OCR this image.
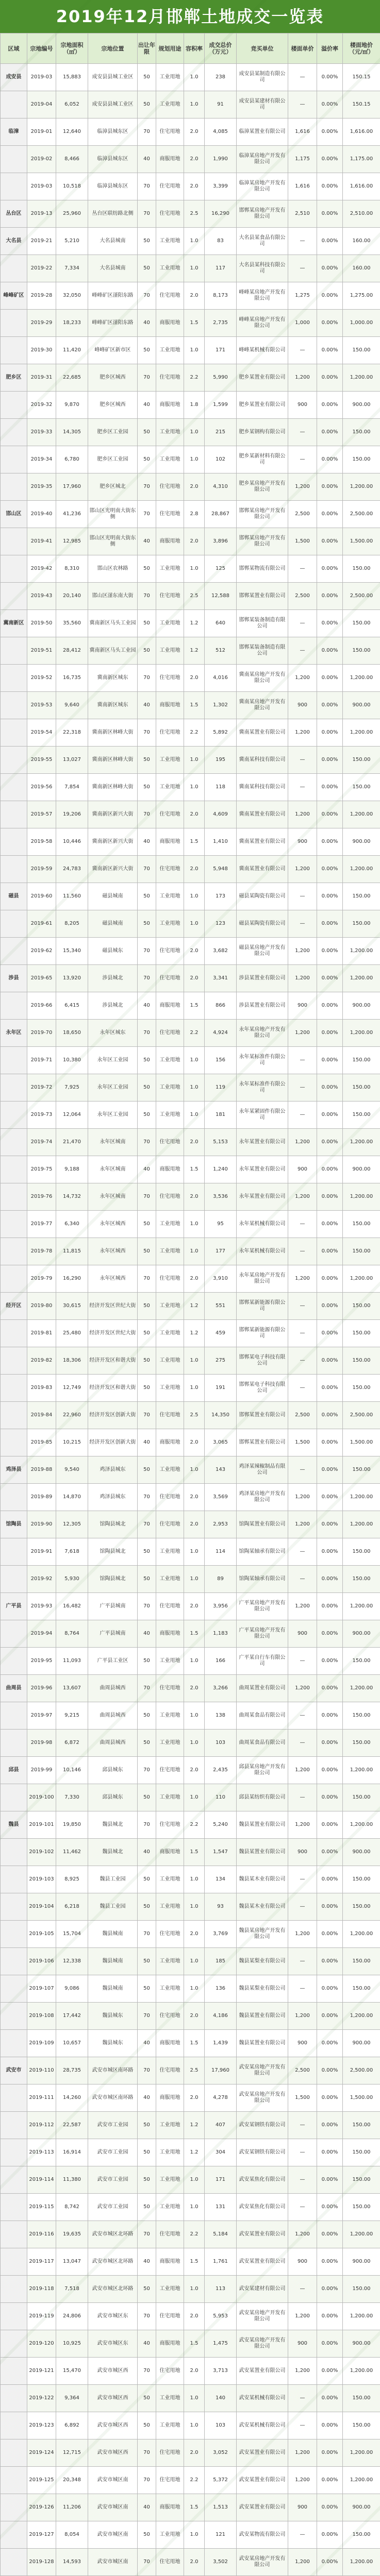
2019年12月邯郸土地成交一览表
区域	宗地编号	宗地面积（㎡）	宗地位置	出让年限	规划用途	容积率	成交总价（万元）	竞买单位	楼面单价	溢价率	楼面地价（元/㎡）
成安县	2019-03	15,883	成安县县城工业区	50	工业用地	1.0	238	成安县某制造有限公司	—	0.00%	150.15
	2019-04	6,052	成安县县城工业区	50	工业用地	1.0	91	成安县某建材有限公司	—	0.00%	150.15
临漳	2019-01	12,640	临漳县城东区	70	住宅用地	2.0	4,085	临漳某置业有限公司	1,616	0.00%	1,616.00
	2019-02	8,466	临漳县城东区	40	商服用地	2.0	1,990	临漳某房地产开发有限公司	1,175	0.00%	1,175.00
	2019-03	10,518	临漳县城东区	70	住宅用地	2.0	3,399	临漳某房地产开发有限公司	1,616	0.00%	1,616.00
丛台区	2019-13	25,960	丛台区联纺路北侧	70	住宅用地	2.5	16,290	邯郸某房地产开发有限公司	2,510	0.00%	2,510.00
大名县	2019-21	5,210	大名县城南	50	工业用地	1.0	83	大名县某食品有限公司	—	0.00%	160.00
	2019-22	7,334	大名县城南	50	工业用地	1.0	117	大名县某科技有限公司	—	0.00%	160.00
峰峰矿区	2019-28	32,050	峰峰矿区滏阳东路	70	住宅用地	2.0	8,173	峰峰某房地产开发有限公司	1,275	0.00%	1,275.00
	2019-29	18,233	峰峰矿区滏阳东路	40	商服用地	1.5	2,735	峰峰某房地产开发有限公司	1,000	0.00%	1,000.00
	2019-30	11,420	峰峰矿区新市区	50	工业用地	1.0	171	峰峰某机械有限公司	—	0.00%	150.00
肥乡区	2019-31	22,685	肥乡区城西	70	住宅用地	2.2	5,990	肥乡某置业有限公司	1,200	0.00%	1,200.00
	2019-32	9,870	肥乡区城西	40	商服用地	1.8	1,599	肥乡某置业有限公司	900	0.00%	900.00
	2019-33	14,305	肥乡区工业园	50	工业用地	1.0	215	肥乡某钢构有限公司	—	0.00%	150.00
	2019-34	6,780	肥乡区工业园	50	工业用地	1.0	102	肥乡某新材料有限公司	—	0.00%	150.00
	2019-35	17,960	肥乡区城北	70	住宅用地	2.0	4,310	肥乡某房地产开发有限公司	1,200	0.00%	1,200.00
邯山区	2019-40	41,236	邯山区光明南大街东侧	70	住宅用地	2.8	28,867	邯郸某房地产开发有限公司	2,500	0.00%	2,500.00
	2019-41	12,985	邯山区光明南大街东侧	40	商服用地	2.0	3,896	邯郸某房地产开发有限公司	1,500	0.00%	1,500.00
	2019-42	8,310	邯山区农林路	50	工业用地	1.0	125	邯郸某物流有限公司	—	0.00%	150.00
	2019-43	20,140	邯山区滏东南大街	70	住宅用地	2.5	12,588	邯郸某置业有限公司	2,500	0.00%	2,500.00
冀南新区	2019-50	35,560	冀南新区马头工业园	50	工业用地	1.2	640	邯郸某装备制造有限公司	—	0.00%	150.00
	2019-51	28,412	冀南新区马头工业园	50	工业用地	1.2	512	邯郸某装备制造有限公司	—	0.00%	150.00
	2019-52	16,735	冀南新区城东	70	住宅用地	2.0	4,016	冀南某房地产开发有限公司	1,200	0.00%	1,200.00
	2019-53	9,640	冀南新区城东	40	商服用地	1.5	1,302	冀南某房地产开发有限公司	900	0.00%	900.00
	2019-54	22,318	冀南新区林峰大街	70	住宅用地	2.2	5,892	冀南某置业有限公司	1,200	0.00%	1,200.00
	2019-55	13,027	冀南新区林峰大街	50	工业用地	1.0	195	冀南某科技有限公司	—	0.00%	150.00
	2019-56	7,854	冀南新区林峰大街	50	工业用地	1.0	118	冀南某科技有限公司	—	0.00%	150.00
	2019-57	19,206	冀南新区新兴大街	70	住宅用地	2.0	4,609	冀南某置业有限公司	1,200	0.00%	1,200.00
	2019-58	10,446	冀南新区新兴大街	40	商服用地	1.5	1,410	冀南某置业有限公司	900	0.00%	900.00
	2019-59	24,783	冀南新区新兴大街	70	住宅用地	2.0	5,948	冀南某置业有限公司	1,200	0.00%	1,200.00
磁县	2019-60	11,560	磁县城南	50	工业用地	1.0	173	磁县某陶瓷有限公司	—	0.00%	150.00
	2019-61	8,205	磁县城南	50	工业用地	1.0	123	磁县某陶瓷有限公司	—	0.00%	150.00
	2019-62	15,340	磁县城东	70	住宅用地	2.0	3,682	磁县某房地产开发有限公司	1,200	0.00%	1,200.00
涉县	2019-65	13,920	涉县城北	70	住宅用地	2.0	3,341	涉县某置业有限公司	1,200	0.00%	1,200.00
	2019-66	6,415	涉县城北	40	商服用地	1.5	866	涉县某置业有限公司	900	0.00%	900.00
永年区	2019-70	18,650	永年区城东	70	住宅用地	2.2	4,924	永年某房地产开发有限公司	1,200	0.00%	1,200.00
	2019-71	10,380	永年区工业园	50	工业用地	1.0	156	永年某标准件有限公司	—	0.00%	150.00
	2019-72	7,925	永年区工业园	50	工业用地	1.0	119	永年某标准件有限公司	—	0.00%	150.00
	2019-73	12,064	永年区工业园	50	工业用地	1.0	181	永年某紧固件有限公司	—	0.00%	150.00
	2019-74	21,470	永年区城南	70	住宅用地	2.0	5,153	永年某置业有限公司	1,200	0.00%	1,200.00
	2019-75	9,188	永年区城南	40	商服用地	1.5	1,240	永年某置业有限公司	900	0.00%	900.00
	2019-76	14,732	永年区城南	70	住宅用地	2.0	3,536	永年某置业有限公司	1,200	0.00%	1,200.00
	2019-77	6,340	永年区城西	50	工业用地	1.0	95	永年某机械有限公司	—	0.00%	150.00
	2019-78	11,815	永年区城西	50	工业用地	1.0	177	永年某机械有限公司	—	0.00%	150.00
	2019-79	16,290	永年区城西	70	住宅用地	2.0	3,910	永年某房地产开发有限公司	1,200	0.00%	1,200.00
经开区	2019-80	30,615	经济开发区世纪大街	50	工业用地	1.2	551	邯郸某新能源有限公司	—	0.00%	150.00
	2019-81	25,480	经济开发区世纪大街	50	工业用地	1.2	459	邯郸某新能源有限公司	—	0.00%	150.00
	2019-82	18,306	经济开发区和谐大街	50	工业用地	1.0	275	邯郸某电子科技有限公司	—	0.00%	150.00
	2019-83	12,749	经济开发区和谐大街	50	工业用地	1.0	191	邯郸某电子科技有限公司	—	0.00%	150.00
	2019-84	22,960	经济开发区创新大街	70	住宅用地	2.5	14,350	邯郸某置业有限公司	2,500	0.00%	2,500.00
	2019-85	10,215	经济开发区创新大街	40	商服用地	2.0	3,065	邯郸某置业有限公司	1,500	0.00%	1,500.00
鸡泽县	2019-88	9,540	鸡泽县城东	50	工业用地	1.0	143	鸡泽某辣椒制品有限公司	—	0.00%	150.00
	2019-89	14,870	鸡泽县城东	70	住宅用地	2.0	3,569	鸡泽某房地产开发有限公司	1,200	0.00%	1,200.00
馆陶县	2019-90	12,305	馆陶县城北	70	住宅用地	2.0	2,953	馆陶某置业有限公司	1,200	0.00%	1,200.00
	2019-91	7,618	馆陶县城北	50	工业用地	1.0	114	馆陶某轴承有限公司	—	0.00%	150.00
	2019-92	5,930	馆陶县城北	50	工业用地	1.0	89	馆陶某轴承有限公司	—	0.00%	150.00
广平县	2019-93	16,482	广平县城南	70	住宅用地	2.0	3,956	广平某房地产开发有限公司	1,200	0.00%	1,200.00
	2019-94	8,764	广平县城南	40	商服用地	1.5	1,183	广平某房地产开发有限公司	900	0.00%	900.00
	2019-95	11,093	广平县工业区	50	工业用地	1.0	166	广平某自行车有限公司	—	0.00%	150.00
曲周县	2019-96	13,607	曲周县城西	70	住宅用地	2.0	3,266	曲周某置业有限公司	1,200	0.00%	1,200.00
	2019-97	9,215	曲周县城西	50	工业用地	1.0	138	曲周某食品有限公司	—	0.00%	150.00
	2019-98	6,872	曲周县城西	50	工业用地	1.0	103	曲周某食品有限公司	—	0.00%	150.00
邱县	2019-99	10,146	邱县城东	70	住宅用地	2.0	2,435	邱县某房地产开发有限公司	1,200	0.00%	1,200.00
	2019-100	7,330	邱县城东	50	工业用地	1.0	110	邱县某纺织有限公司	—	0.00%	150.00
魏县	2019-101	19,850	魏县城北	70	住宅用地	2.2	5,240	魏县某置业有限公司	1,200	0.00%	1,200.00
	2019-102	11,462	魏县城北	40	商服用地	1.5	1,547	魏县某置业有限公司	900	0.00%	900.00
	2019-103	8,925	魏县工业园	50	工业用地	1.0	134	魏县某木业有限公司	—	0.00%	150.00
	2019-104	6,218	魏县工业园	50	工业用地	1.0	93	魏县某木业有限公司	—	0.00%	150.00
	2019-105	15,704	魏县城南	70	住宅用地	2.0	3,769	魏县某房地产开发有限公司	1,200	0.00%	1,200.00
	2019-106	12,338	魏县城南	50	工业用地	1.0	185	魏县某梨业有限公司	—	0.00%	150.00
	2019-107	9,086	魏县城南	50	工业用地	1.0	136	魏县某梨业有限公司	—	0.00%	150.00
	2019-108	17,442	魏县城东	70	住宅用地	2.0	4,186	魏县某置业有限公司	1,200	0.00%	1,200.00
	2019-109	10,657	魏县城东	40	商服用地	1.5	1,439	魏县某置业有限公司	900	0.00%	900.00
武安市	2019-110	28,735	武安市城区南环路	70	住宅用地	2.5	17,960	武安某房地产开发有限公司	2,500	0.00%	2,500.00
	2019-111	14,260	武安市城区南环路	40	商服用地	2.0	4,278	武安某房地产开发有限公司	1,500	0.00%	1,500.00
	2019-112	22,587	武安市工业园	50	工业用地	1.2	407	武安某钢铁有限公司	—	0.00%	150.00
	2019-113	16,914	武安市工业园	50	工业用地	1.2	304	武安某钢铁有限公司	—	0.00%	150.00
	2019-114	11,380	武安市工业园	50	工业用地	1.0	171	武安某焦化有限公司	—	0.00%	150.00
	2019-115	8,742	武安市工业园	50	工业用地	1.0	131	武安某焦化有限公司	—	0.00%	150.00
	2019-116	19,635	武安市城区北环路	70	住宅用地	2.2	5,184	武安某置业有限公司	1,200	0.00%	1,200.00
	2019-117	13,047	武安市城区北环路	40	商服用地	1.5	1,761	武安某置业有限公司	900	0.00%	900.00
	2019-118	7,518	武安市城区北环路	50	工业用地	1.0	113	武安某建材有限公司	—	0.00%	150.00
	2019-119	24,806	武安市城区东	70	住宅用地	2.0	5,953	武安某房地产开发有限公司	1,200	0.00%	1,200.00
	2019-120	10,925	武安市城区东	40	商服用地	1.5	1,475	武安某房地产开发有限公司	900	0.00%	900.00
	2019-121	15,470	武安市城区西	70	住宅用地	2.0	3,713	武安某置业有限公司	1,200	0.00%	1,200.00
	2019-122	9,364	武安市城区西	50	工业用地	1.0	140	武安某机械有限公司	—	0.00%	150.00
	2019-123	6,892	武安市城区西	50	工业用地	1.0	103	武安某机械有限公司	—	0.00%	150.00
	2019-124	12,715	武安市城区西	70	住宅用地	2.0	3,052	武安某置业有限公司	1,200	0.00%	1,200.00
	2019-125	20,348	武安市城区南	70	住宅用地	2.2	5,372	武安某置业有限公司	1,200	0.00%	1,200.00
	2019-126	11,206	武安市城区南	40	商服用地	1.5	1,513	武安某置业有限公司	900	0.00%	900.00
	2019-127	8,054	武安市城区南	50	工业用地	1.0	121	武安某物流有限公司	—	0.00%	150.00
	2019-128	14,593	武安市城区南	70	住宅用地	2.0	3,502	武安某房地产开发有限公司	1,200	0.00%	1,200.00
